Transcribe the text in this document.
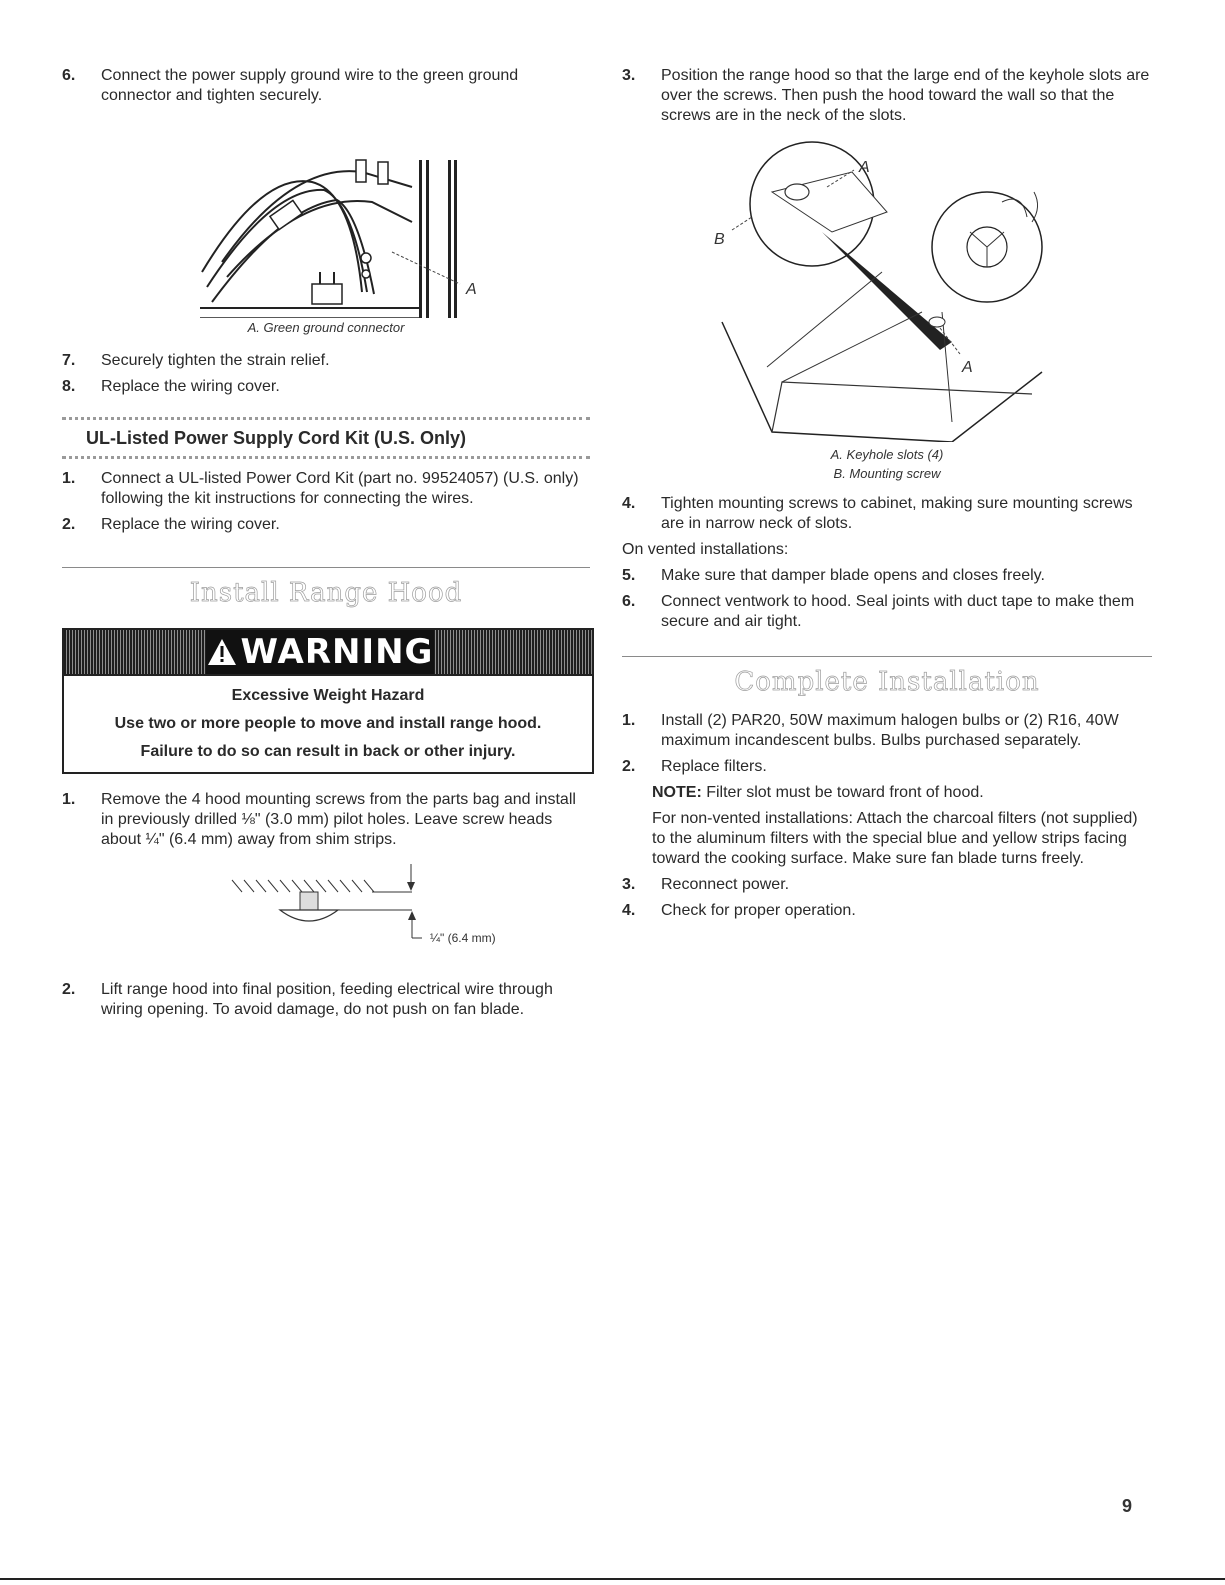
6. Connect the power supply ground wire to the green ground connector and tighten securely.
A
A. Green ground connector
7. Securely tighten the strain relief.
8. Replace the wiring cover.
UL-Listed Power Supply Cord Kit (U.S. Only)
1. Connect a UL-listed Power Cord Kit (part no. 99524057) (U.S. only) following the kit instructions for connecting the wires.
2. Replace the wiring cover.
Install Range Hood
WARNING

Excessive Weight Hazard

Use two or more people to move and install range hood.

Failure to do so can result in back or other injury.

1. Remove the 4 hood mounting screws from the parts bag and install in previously drilled ⅛" (3.0 mm) pilot holes. Leave screw heads about ¼" (6.4 mm) away from shim strips.
¼" (6.4 mm)
2. Lift range hood into final position, feeding electrical wire through wiring opening. To avoid damage, do not push on fan blade.
3. Position the range hood so that the large end of the keyhole slots are over the screws. Then push the hood toward the wall so that the screws are in the neck of the slots.
A
B
A
A. Keyhole slots (4)
B. Mounting screw
4. Tighten mounting screws to cabinet, making sure mounting screws are in narrow neck of slots.
On vented installations:
5. Make sure that damper blade opens and closes freely.
6. Connect ventwork to hood. Seal joints with duct tape to make them secure and air tight.
Complete Installation
1. Install (2) PAR20, 50W maximum halogen bulbs or (2) R16, 40W maximum incandescent bulbs. Bulbs purchased separately.
2. Replace filters.
NOTE: Filter slot must be toward front of hood.
For non-vented installations: Attach the charcoal filters (not supplied) to the aluminum filters with the special blue and yellow strips facing toward the cooking surface. Make sure fan blade turns freely.
3. Reconnect power.
4. Check for proper operation.
9
